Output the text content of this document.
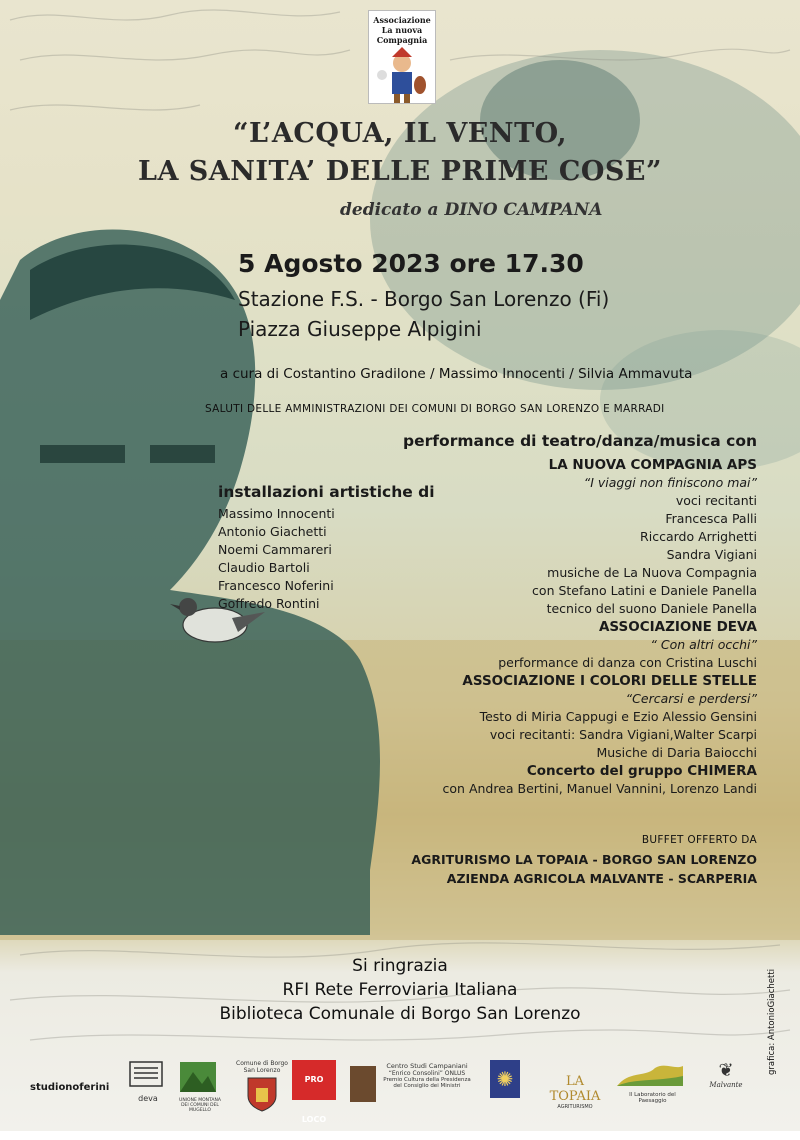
Associazione
La nuova Compagnia
“L’ACQUA, IL VENTO,
LA SANITA’ DELLE PRIME COSE”
dedicato a DINO CAMPANA
5 Agosto 2023 ore 17.30
Stazione F.S. - Borgo San Lorenzo (Fi)
Piazza Giuseppe Alpigini
a cura di Costantino Gradilone / Massimo Innocenti / Silvia Ammavuta
SALUTI DELLE AMMINISTRAZIONI DEI COMUNI DI BORGO SAN LORENZO E MARRADI
performance di teatro/danza/musica con
installazioni artistiche di
Massimo Innocenti
Antonio Giachetti
Noemi Cammareri
Claudio Bartoli
Francesco Noferini
Goffredo Rontini
LA NUOVA COMPAGNIA APS
“I viaggi non finiscono mai”
voci recitanti
Francesca Palli
Riccardo Arrighetti
Sandra Vigiani
musiche de La Nuova Compagnia
con Stefano Latini e Daniele Panella
tecnico del suono Daniele Panella
ASSOCIAZIONE DEVA
“ Con altri occhi”
performance di danza con Cristina Luschi
ASSOCIAZIONE I COLORI DELLE STELLE
“Cercarsi e perdersi”
Testo di Miria Cappugi e Ezio Alessio Gensini
voci recitanti: Sandra Vigiani,Walter Scarpi
Musiche di Daria Baiocchi
Concerto del gruppo CHIMERA
con Andrea Bertini, Manuel Vannini, Lorenzo Landi
BUFFET OFFERTO DA
AGRITURISMO LA TOPAIA - BORGO SAN LORENZO
AZIENDA AGRICOLA MALVANTE - SCARPERIA
Si ringrazia
RFI Rete Ferroviaria Italiana
Biblioteca Comunale di Borgo San Lorenzo	grafica: AntonioGiachetti
studionoferini
deva	UNIONE MONTANA DEI COMUNI DEL MUGELLO
Comune di Borgo San Lorenzo
PRO LOCO
Centro Studi Campaniani
“Enrico Consolini” ONLUS
Premio Cultura della Presidenza del Consiglio dei Ministri	✺	LA TOPAIA
AGRITURISMO
Il Laboratorio del Paesaggio
❦
Malvante
